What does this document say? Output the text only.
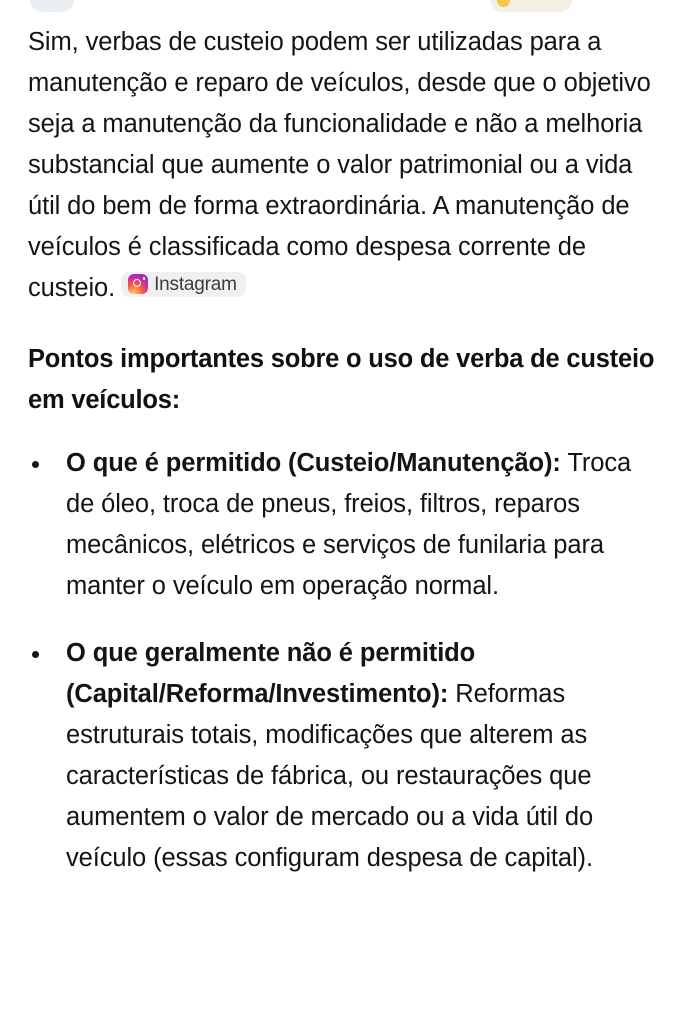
Sim, verbas de custeio podem ser utilizadas para a manutenção e reparo de veículos, desde que o objetivo seja a manutenção da funcionalidade e não a melhoria substancial que aumente o valor patrimonial ou a vida útil do bem de forma extraordinária. A manutenção de veículos é classificada como despesa corrente de custeio. Instagram

Pontos importantes sobre o uso de verba de custeio em veículos:
O que é permitido (Custeio/Manutenção): Troca de óleo, troca de pneus, freios, filtros, reparos mecânicos, elétricos e serviços de funilaria para manter o veículo em operação normal.
O que geralmente não é permitido (Capital/Reforma/Investimento): Reformas estruturais totais, modificações que alterem as características de fábrica, ou restaurações que aumentem o valor de mercado ou a vida útil do veículo (essas configuram despesa de capital).
